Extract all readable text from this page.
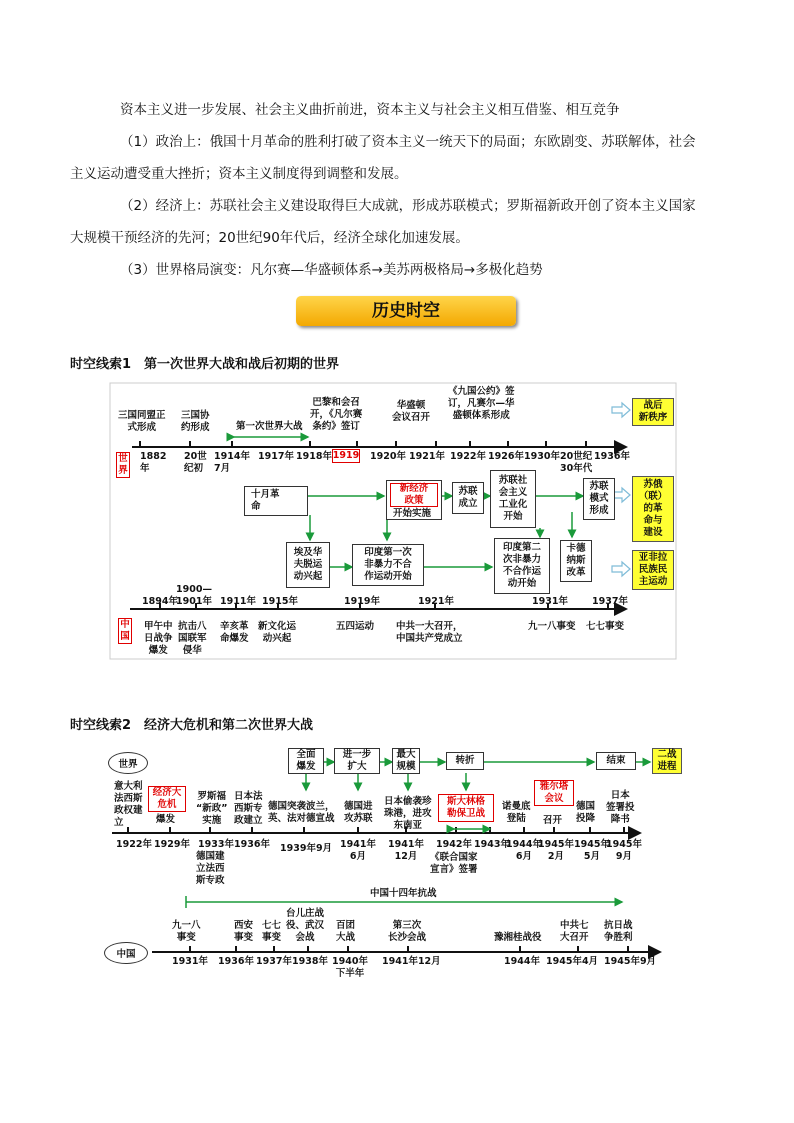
资本主义进一步发展、社会主义曲折前进，资本主义与社会主义相互借鉴、相互竞争

（1）政治上：俄国十月革命的胜利打破了资本主义一统天下的局面；东欧剧变、苏联解体，社会

主义运动遭受重大挫折；资本主义制度得到调整和发展。

（2）经济上：苏联社会主义建设取得巨大成就，形成苏联模式；罗斯福新政开创了资本主义国家

大规模干预经济的先河；20世纪90年代后，经济全球化加速发展。

（3）世界格局演变：凡尔赛—华盛顿体系→美苏两极格局→多极化趋势

历史时空
时空线索1　第一次世界大战和战后初期的世界
三国同盟正
式形成
三国协
约形成	第一次世界大战
巴黎和会召
开，《凡尔赛
条约》签订
华盛顿
会议召开
《九国公约》签
订，凡赛尔—华
盛顿体系形成
战后
新秩序
世界
1882
年
20世
纪初
1914年
7月
1917年 1918年 1919 1920年 1921年 1922年 1926年 1930年 20世纪
30年代
1936年
十月革
命
新经济
政策
开始实施
苏联
成立
苏联社
会主义
工业化
开始
苏联
模式
形成
苏俄
（联）
的革
命与
建设
埃及华
夫脱运
动兴起
印度第一次
非暴力不合
作运动开始
印度第二
次非暴力
不合作运
动开始
卡德
纳斯
改革
亚非拉
民族民
主运动
1894年
1900—
1901年 1911年 1915年	1919年	1921年	1931年	1937年
中国
甲午中
日战争
爆发
抗击八
国联军
侵华
辛亥革
命爆发
新文化运
动兴起
五四运动 中共一大召开，
中国共产党成立
九一八事变 七七事变
时空线索2　经济大危机和第二次世界大战
世界
全面
爆发
进一步
扩大
最大
规模
转折	结束
二战
进程
意大利
法西斯
政权建
立
经济大
危机
爆发
罗斯福
“新政”
实施
日本法
西斯专
政建立
德国突袭波兰，
英、法对德宣战
德国进
攻苏联
日本偷袭珍
珠港，进攻
东南亚
斯大林格
勒保卫战
诺曼底
登陆
雅尔塔
会议
召开
德国
投降
日本
签署投
降书
1922年 1929年 1933年 1936年 1939年9月 1941年
6月
1941年
12月
1942年 1943年
1944年
6月
1945年
2月
1945年
5月
1945年
9月
德国建
立法西
斯专政
《联合国家
宣言》签署
中国十四年抗战
中国
九一八
事变
西安
事变
七七
事变
台儿庄战
役、武汉
会战
百团
大战
第三次
长沙会战	豫湘桂战役
中共七
大召开
抗日战
争胜利
1931年 1936年 1937年 1938年 1940年
下半年
1941年12月	1944年 1945年4月 1945年9月
